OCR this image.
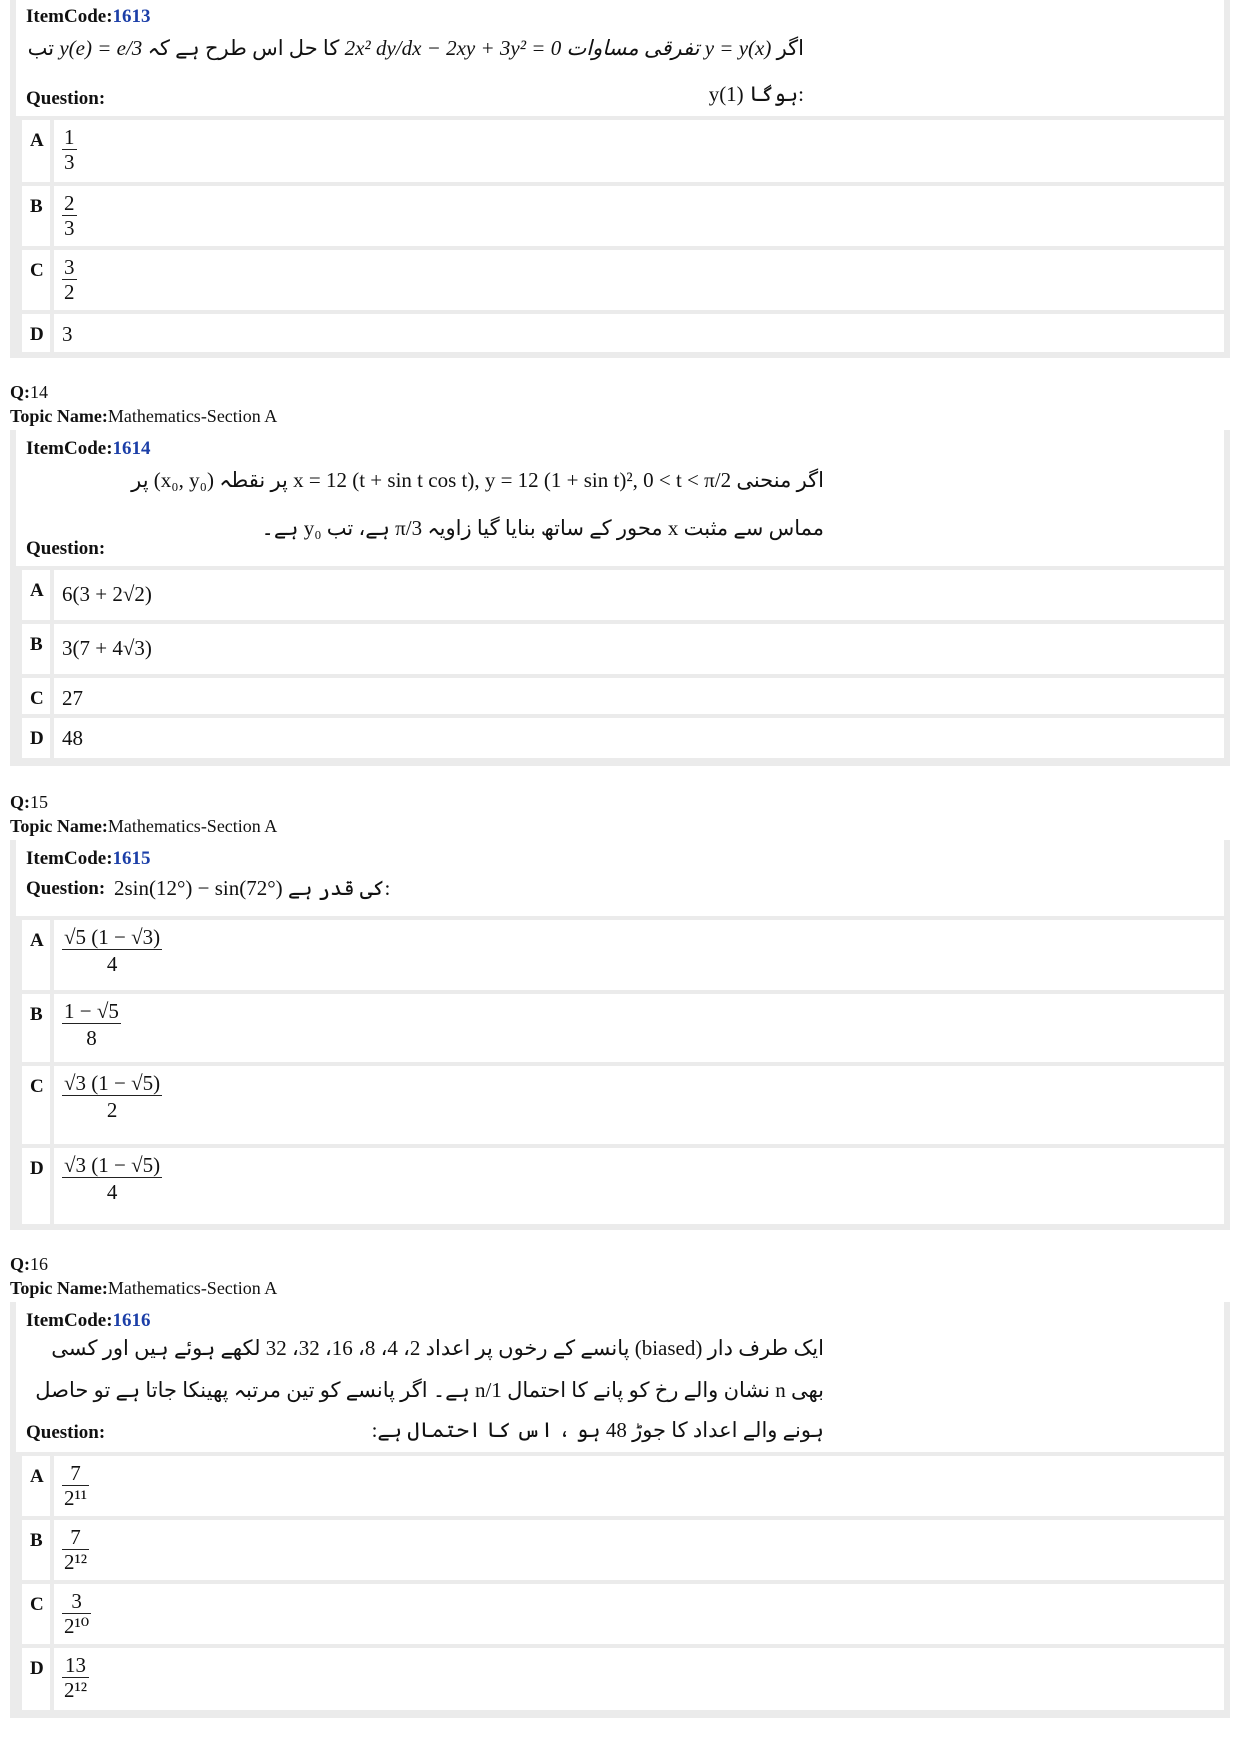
ItemCode:1613
اگر y = y(x) تفرقی مساوات 2x² dy/dx − 2xy + 3y² = 0 کا حل اس طرح ہے کہ y(e) = e/3 تب
y(1) ہوگا:
Question:
A $\frac{1}{3}$
B $\frac{2}{3}$
C $\frac{3}{2}$
D 3
Q:14
Topic Name:Mathematics-Section A
ItemCode:1614
اگر منحنی x = 12 (t + sin t cos t), y = 12 (1 + sin t)², 0 < t < π/2 پر نقطہ (x₀, y₀) پر
مماس سے مثبت x محور کے ساتھ بنایا گیا زاویہ π/3 ہے، تب y₀ ہے۔
Question:
A 6(3 + 2√2)
B 3(7 + 4√3)
C 27
D 48
Q:15
Topic Name:Mathematics-Section A
ItemCode:1615
Question: 2sin(12°) − sin(72°) کی قدر ہے:
A $\frac{√5 (1 - √3)}{4}$
B $\frac{1 - √5}{8}$
C $\frac{√3 (1 - √5)}{2}$
D $\frac{√3 (1 - √5)}{4}$
Q:16
Topic Name:Mathematics-Section A
ItemCode:1616
ایک طرف دار (biased) پانسے کے رخوں پر اعداد 2، 4، 8، 16، 32، 32 لکھے ہوئے ہیں اور کسی
بھی n نشان والے رخ کو پانے کا احتمال 1/n ہے۔ اگر پانسے کو تین مرتبہ پھینکا جاتا ہے تو حاصل
ہونے والے اعداد کا جوڑ 48 ہو ، اس کا احتمال ہے:
Question:
A $\frac{7}{\text{2¹¹}}$
B $\frac{7}{\text{2¹²}}$
C $\frac{3}{\text{2¹⁰}}$
D $\frac{13}{\text{2¹²}}$
